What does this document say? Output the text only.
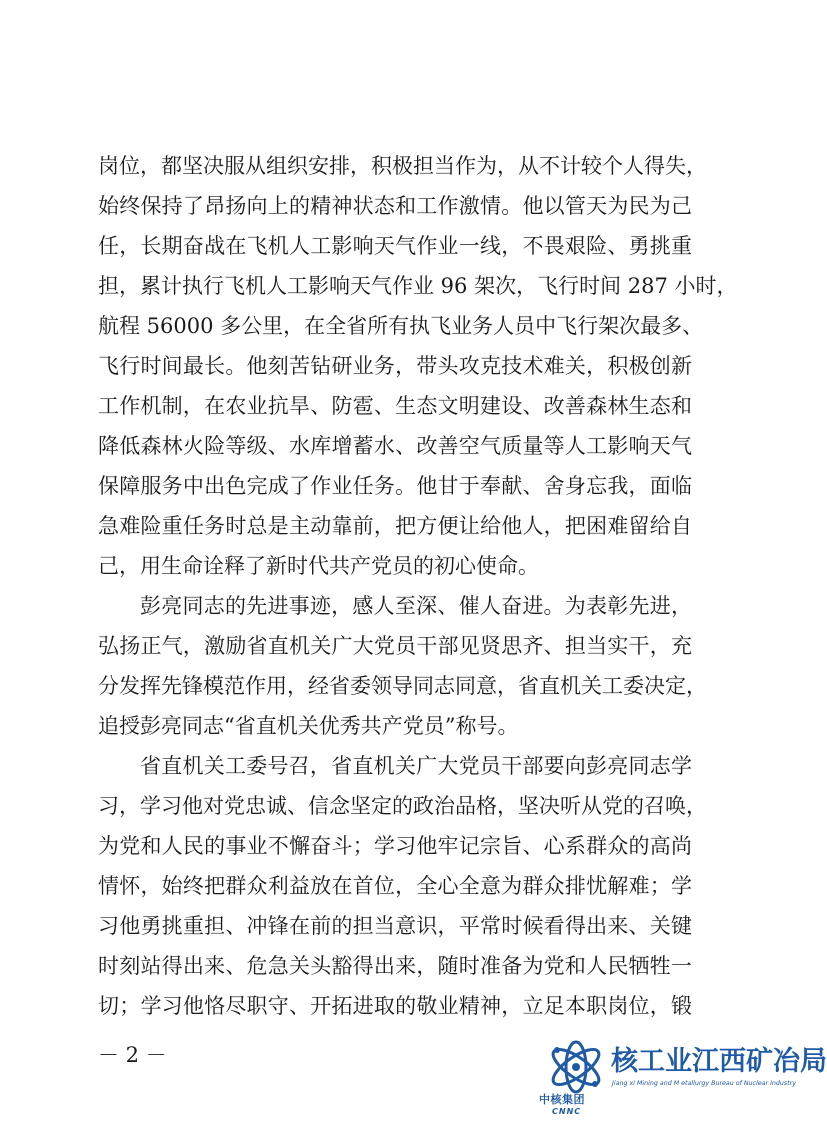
岗位，都坚决服从组织安排，积极担当作为，从不计较个人得失，
始终保持了昂扬向上的精神状态和工作激情。他以管天为民为己
任，长期奋战在飞机人工影响天气作业一线，不畏艰险、勇挑重
担，累计执行飞机人工影响天气作业 96 架次，飞行时间 287 小时，
航程 56000 多公里，在全省所有执飞业务人员中飞行架次最多、
飞行时间最长。他刻苦钻研业务，带头攻克技术难关，积极创新
工作机制，在农业抗旱、防雹、生态文明建设、改善森林生态和
降低森林火险等级、水库增蓄水、改善空气质量等人工影响天气
保障服务中出色完成了作业任务。他甘于奉献、舍身忘我，面临
急难险重任务时总是主动靠前，把方便让给他人，把困难留给自
己，用生命诠释了新时代共产党员的初心使命。
彭亮同志的先进事迹，感人至深、催人奋进。为表彰先进，
弘扬正气，激励省直机关广大党员干部见贤思齐、担当实干，充
分发挥先锋模范作用，经省委领导同志同意，省直机关工委决定，
追授彭亮同志“省直机关优秀共产党员”称号。
省直机关工委号召，省直机关广大党员干部要向彭亮同志学
习，学习他对党忠诚、信念坚定的政治品格，坚决听从党的召唤，
为党和人民的事业不懈奋斗；学习他牢记宗旨、心系群众的高尚
情怀，始终把群众利益放在首位，全心全意为群众排忧解难；学
习他勇挑重担、冲锋在前的担当意识，平常时候看得出来、关键
时刻站得出来、危急关头豁得出来，随时准备为党和人民牺牲一
切；学习他恪尽职守、开拓进取的敬业精神，立足本职岗位，锻
－ 2 －
中核集团
CNNC
核工业江西矿冶局
Jiang xi Mining and M etallurgy Bureau of Nuclear Industry
